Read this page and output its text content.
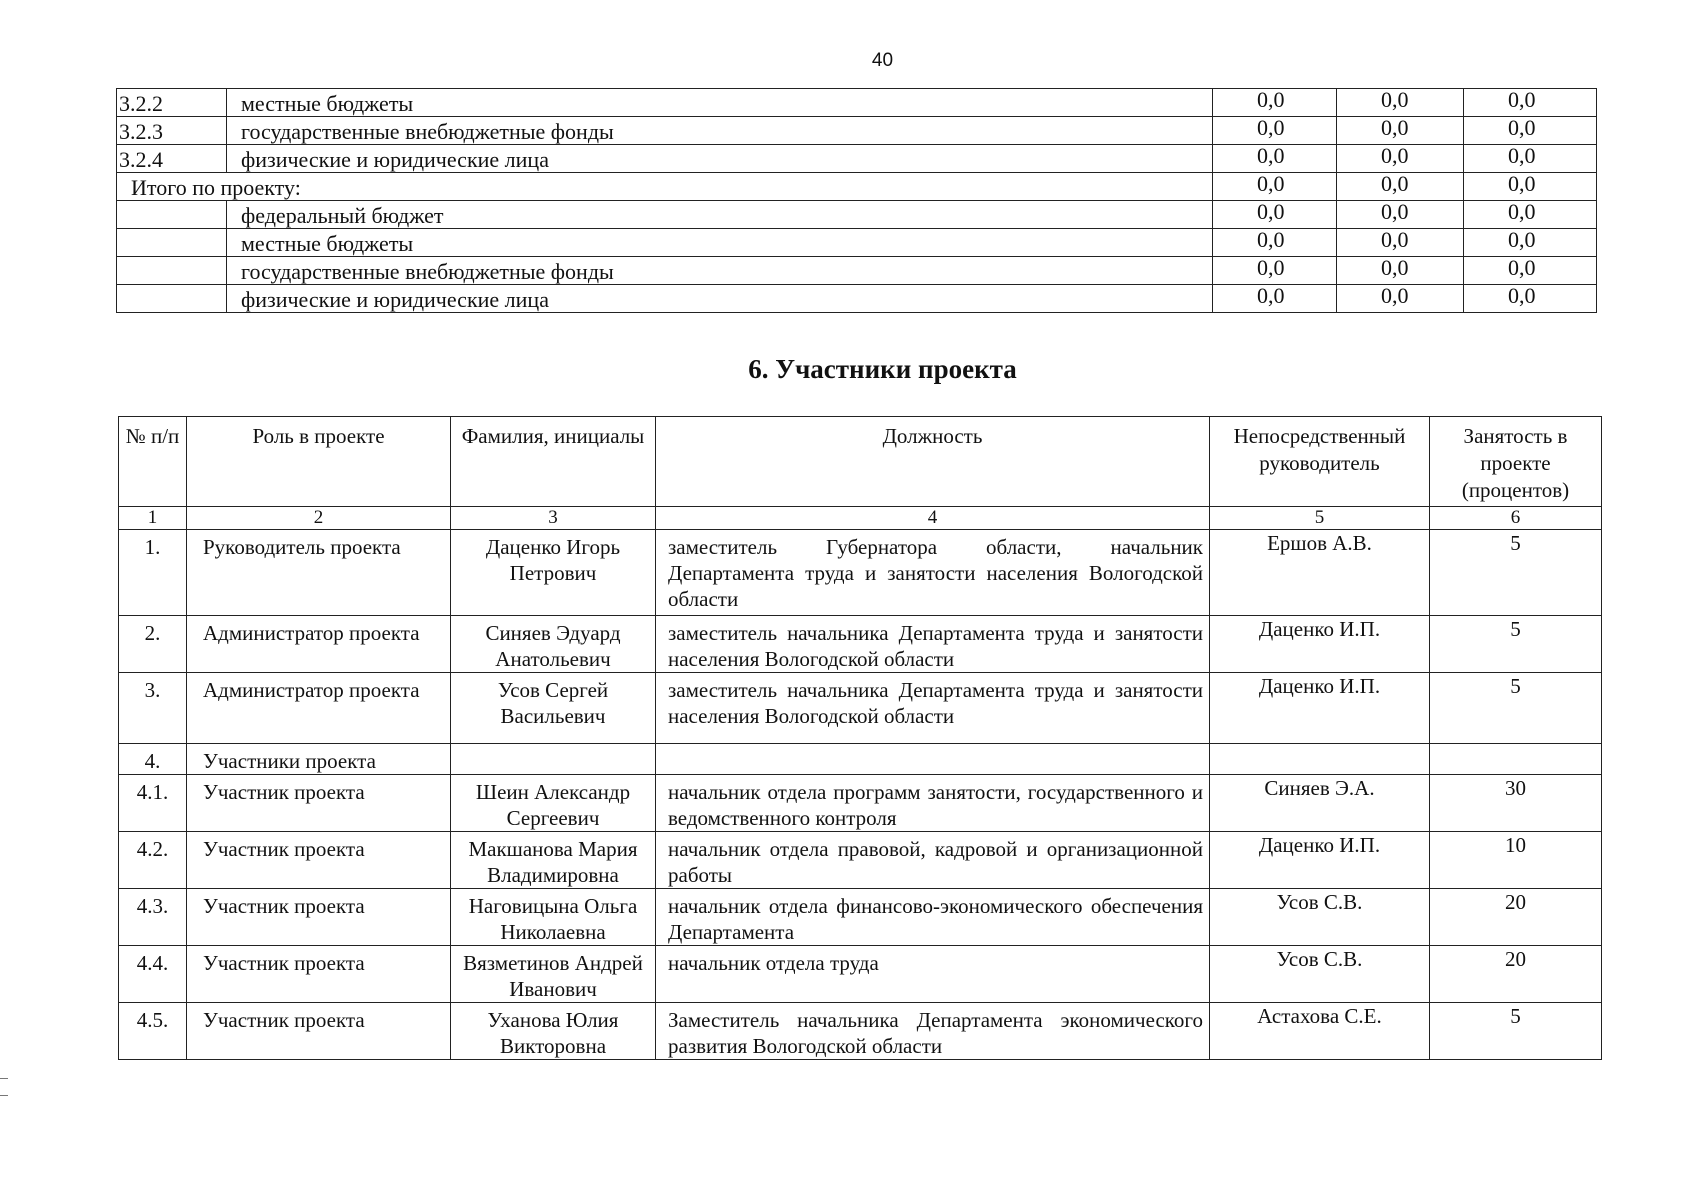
40
3.2.2	местные бюджеты	0,0	0,0	0,0
3.2.3	государственные внебюджетные фонды	0,0	0,0	0,0
3.2.4	физические и юридические лица	0,0	0,0	0,0
Итого по проекту:		0,0	0,0	0,0
	федеральный бюджет	0,0	0,0	0,0
	местные бюджеты	0,0	0,0	0,0
	государственные внебюджетные фонды	0,0	0,0	0,0
	физические и юридические лица	0,0	0,0	0,0
6. Участники проекта
№ п/п	Роль в проекте	Фамилия, инициалы	Должность	Непосредственный руководитель	Занятость в проекте (процентов)
1	2	3	4	5	6
1.	Руководитель проекта	Даценко Игорь Петрович	заместитель Губернатора области, начальник Департамента труда и занятости населения Вологодской области	Ершов А.В.	5
2.	Администратор проекта	Синяев Эдуард Анатольевич	заместитель начальника Департамента труда и занятости населения Вологодской области	Даценко И.П.	5
3.	Администратор проекта	Усов Сергей Васильевич	заместитель начальника Департамента труда и занятости населения Вологодской области	Даценко И.П.	5
4.	Участники проекта				
4.1.	Участник проекта	Шеин Александр Сергеевич	начальник отдела программ занятости, государственного и ведомственного контроля	Синяев Э.А.	30
4.2.	Участник проекта	Макшанова Мария Владимировна	начальник отдела правовой, кадровой и организационной работы	Даценко И.П.	10
4.3.	Участник проекта	Наговицына Ольга Николаевна	начальник отдела финансово-экономического обеспечения Департамента	Усов С.В.	20
4.4.	Участник проекта	Вязметинов Андрей Иванович	начальник отдела труда	Усов С.В.	20
4.5.	Участник проекта	Уханова Юлия Викторовна	Заместитель начальника Департамента экономического развития Вологодской области	Астахова С.Е.	5
